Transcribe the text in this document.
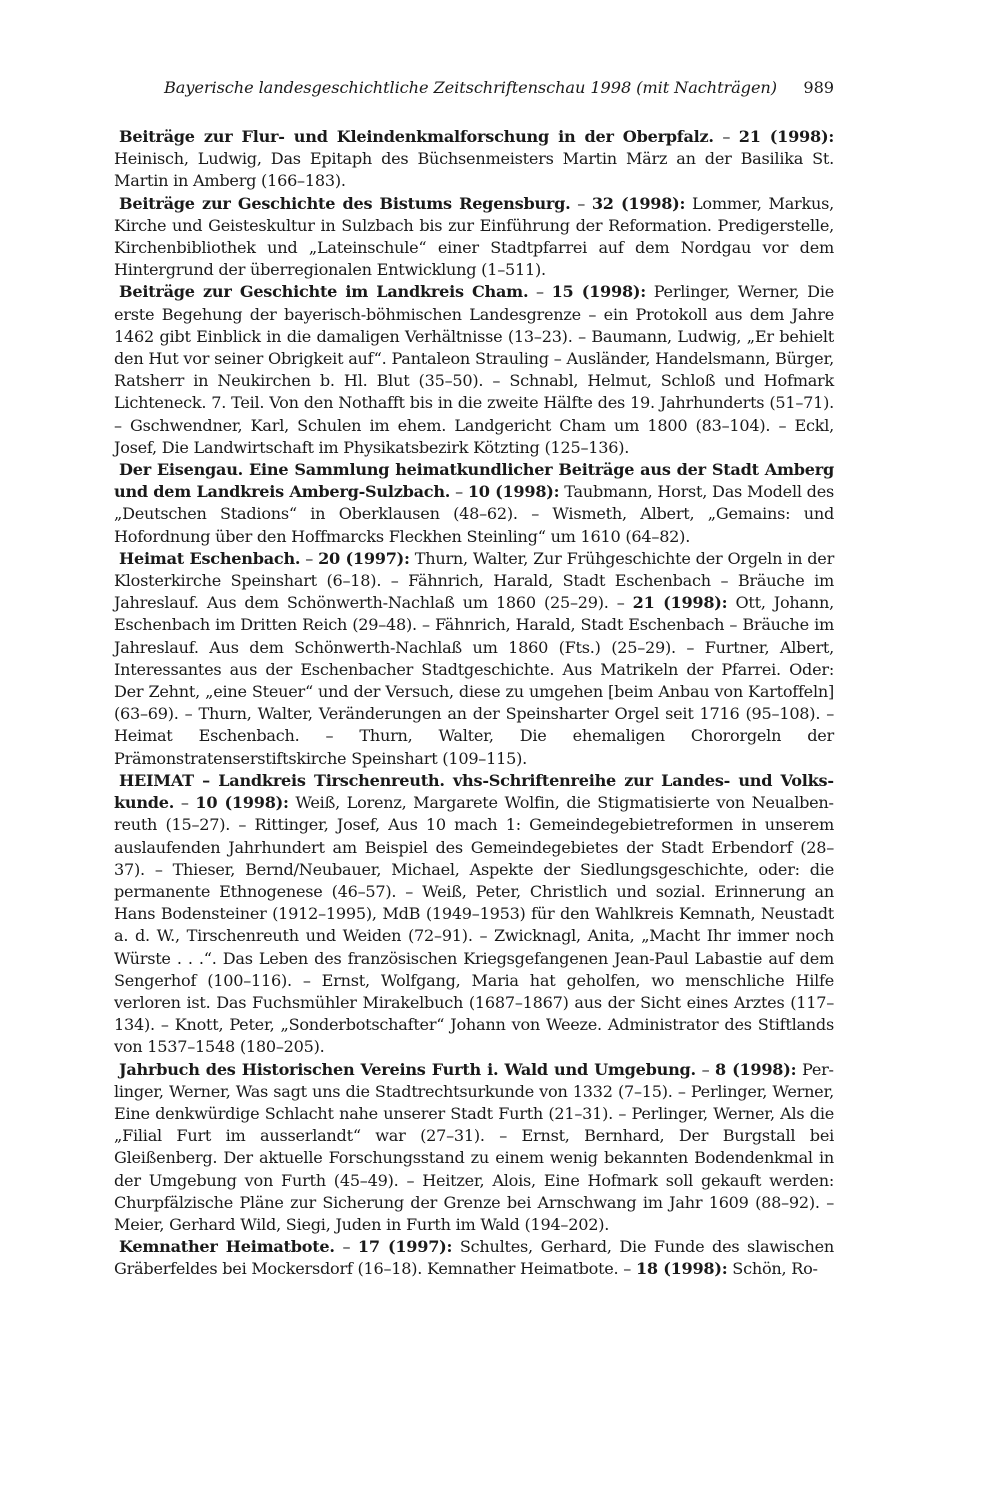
Bayerische landesgeschichtliche Zeitschriftenschau 1998 (mit Nachträgen) 989

Beiträge zur Flur- und Kleindenkmalforschung in der Oberpfalz. – 21 (1998): Heinisch, Ludwig, Das Epitaph des Büchsenmeisters Martin März an der Basilika St. Martin in Amberg (166–183).

Beiträge zur Geschichte des Bistums Regensburg. – 32 (1998): Lommer, Markus, Kirche und Geisteskultur in Sulzbach bis zur Einführung der Reformation. Predigerstelle, Kirchenbibliothek und „Lateinschule“ einer Stadtpfarrei auf dem Nordgau vor dem Hintergrund der überregionalen Entwicklung (1–511).

Beiträge zur Geschichte im Landkreis Cham. – 15 (1998): Perlinger, Werner, Die erste Begehung der bayerisch-böhmischen Landesgrenze – ein Protokoll aus dem Jahre 1462 gibt Einblick in die damaligen Verhältnisse (13–23). – Baumann, Ludwig, „Er behielt den Hut vor seiner Obrigkeit auf“. Pantaleon Strauling – Ausländer, Handelsmann, Bürger, Ratsherr in Neukirchen b. Hl. Blut (35–50). – Schnabl, Helmut, Schloß und Hofmark Lichteneck. 7. Teil. Von den Nothafft bis in die zweite Hälfte des 19. Jahrhunderts (51–71). – Gschwendner, Karl, Schulen im ehem. Landgericht Cham um 1800 (83–104). – Eckl, Josef, Die Landwirtschaft im Physikatsbezirk Kötzting (125–136).

Der Eisengau. Eine Sammlung heimatkundlicher Beiträge aus der Stadt Amberg und dem Landkreis Amberg-Sulzbach. – 10 (1998): Taubmann, Horst, Das Modell des „Deutschen Stadions“ in Oberklausen (48–62). – Wismeth, Albert, „Gemains: und Hofordnung über den Hoffmarcks Fleckhen Steinling“ um 1610 (64–82).

Heimat Eschenbach. – 20 (1997): Thurn, Walter, Zur Frühgeschichte der Orgeln in der Klosterkirche Speinshart (6–18). – Fähnrich, Harald, Stadt Eschenbach – Bräuche im Jahreslauf. Aus dem Schönwerth-Nachlaß um 1860 (25–29). – 21 (1998): Ott, Johann, Eschenbach im Dritten Reich (29–48). – Fähnrich, Harald, Stadt Eschenbach – Bräuche im Jahreslauf. Aus dem Schönwerth-Nachlaß um 1860 (Fts.) (25–29). – Furtner, Albert, Interessantes aus der Eschenbacher Stadtgeschichte. Aus Matrikeln der Pfarrei. Oder: Der Zehnt, „eine Steuer“ und der Versuch, diese zu umgehen [beim Anbau von Kartoffeln] (63–69). – Thurn, Walter, Veränderungen an der Speinsharter Orgel seit 1716 (95–108). – Heimat Eschenbach. – Thurn, Walter, Die ehemaligen Chororgeln der Prämonstratenserstiftskirche Speinshart (109–115).

HEIMAT – Landkreis Tirschenreuth. vhs-Schriftenreihe zur Landes- und Volkskunde. – 10 (1998): Weiß, Lorenz, Margarete Wolfin, die Stigmatisierte von Neualbenreuth (15–27). – Rittinger, Josef, Aus 10 mach 1: Gemeindegebietreformen in unserem auslaufenden Jahrhundert am Beispiel des Gemeindegebietes der Stadt Erbendorf (28–37). – Thieser, Bernd/Neubauer, Michael, Aspekte der Siedlungsgeschichte, oder: die permanente Ethnogenese (46–57). – Weiß, Peter, Christlich und sozial. Erinnerung an Hans Bodensteiner (1912–1995), MdB (1949–1953) für den Wahlkreis Kemnath, Neustadt a. d. W., Tirschenreuth und Weiden (72–91). – Zwicknagl, Anita, „Macht Ihr immer noch Würste . . .“. Das Leben des französischen Kriegsgefangenen Jean-Paul Labastie auf dem Sengerhof (100–116). – Ernst, Wolfgang, Maria hat geholfen, wo menschliche Hilfe verloren ist. Das Fuchsmühler Mirakelbuch (1687–1867) aus der Sicht eines Arztes (117–134). – Knott, Peter, „Sonderbotschafter“ Johann von Weeze. Administrator des Stiftlands von 1537–1548 (180–205).

Jahrbuch des Historischen Vereins Furth i. Wald und Umgebung. – 8 (1998): Perlinger, Werner, Was sagt uns die Stadtrechtsurkunde von 1332 (7–15). – Perlinger, Werner, Eine denkwürdige Schlacht nahe unserer Stadt Furth (21–31). – Perlinger, Werner, Als die „Filial Furt im ausserlandt“ war (27–31). – Ernst, Bernhard, Der Burgstall bei Gleißenberg. Der aktuelle Forschungsstand zu einem wenig bekannten Bodendenkmal in der Umgebung von Furth (45–49). – Heitzer, Alois, Eine Hofmark soll gekauft werden: Churpfälzische Pläne zur Sicherung der Grenze bei Arnschwang im Jahr 1609 (88–92). – Meier, Gerhard Wild, Siegi, Juden in Furth im Wald (194–202).

Kemnather Heimatbote. – 17 (1997): Schultes, Gerhard, Die Funde des slawischen Gräberfeldes bei Mockersdorf (16–18). Kemnather Heimatbote. – 18 (1998): Schön, Ro-
